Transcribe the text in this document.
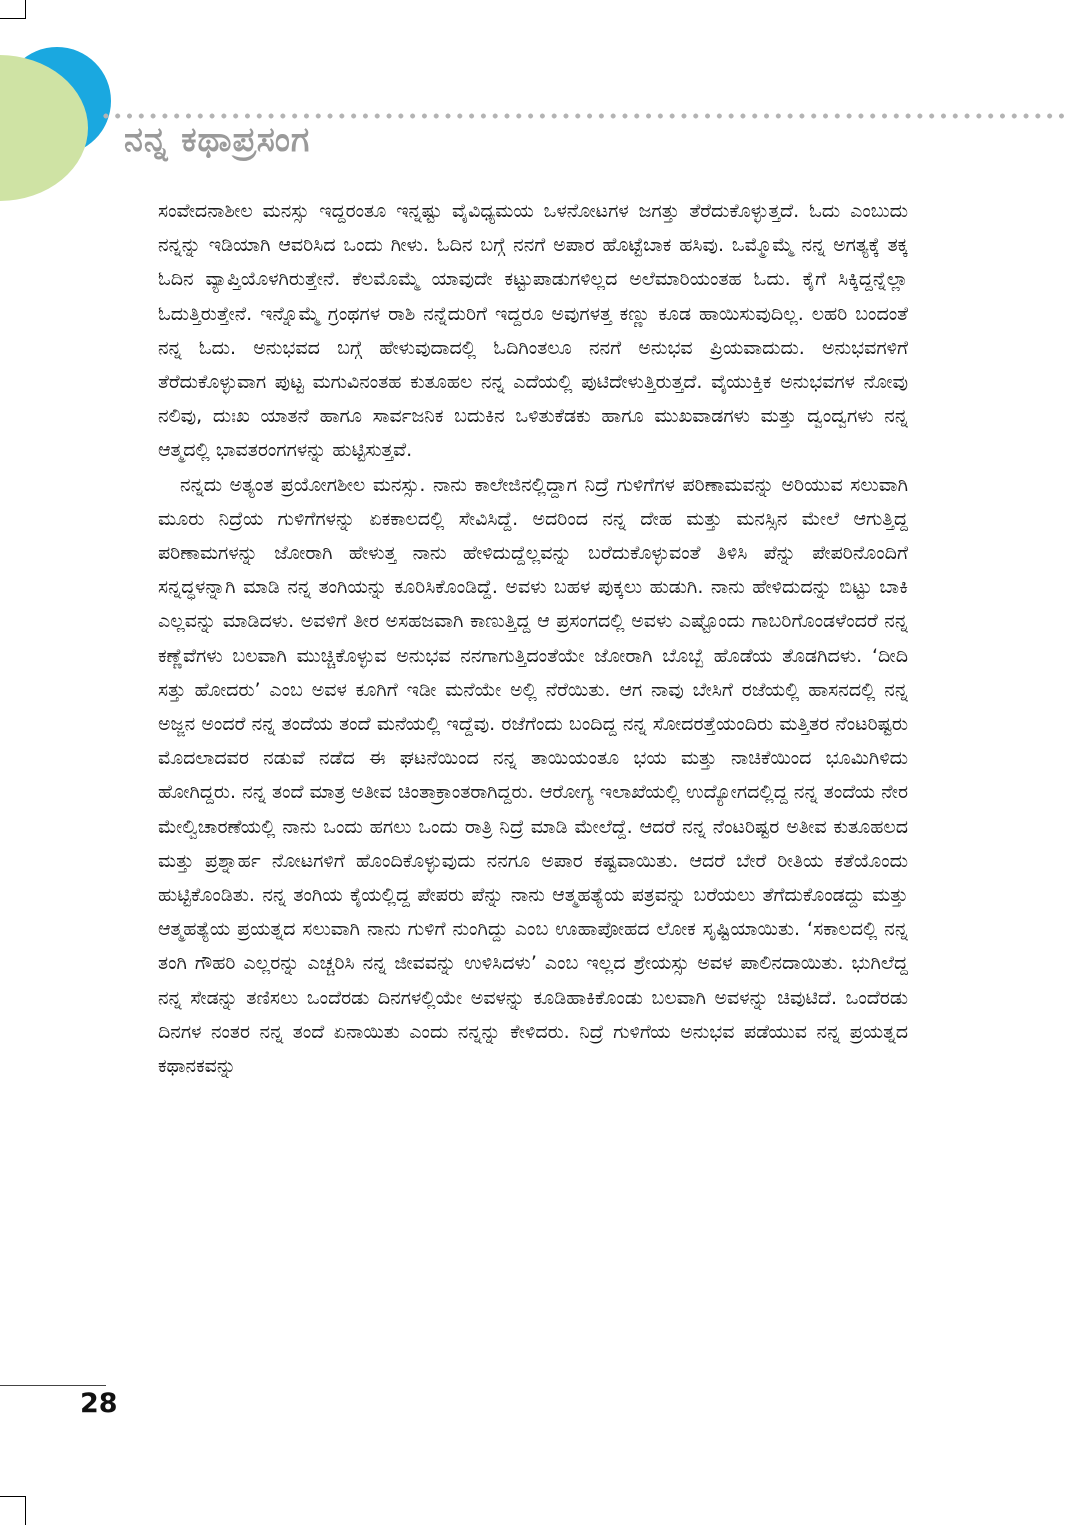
ನನ್ನ ಕಥಾಪ್ರಸಂಗ

ಸಂವೇದನಾಶೀಲ ಮನಸ್ಸು ಇದ್ದರಂತೂ ಇನ್ನಷ್ಟು ವೈವಿಧ್ಯಮಯ ಒಳನೋಟಗಳ ಜಗತ್ತು ತೆರೆದುಕೊಳ್ಳುತ್ತದೆ. ಓದು ಎಂಬುದು ನನ್ನನ್ನು ಇಡಿಯಾಗಿ ಆವರಿಸಿದ ಒಂದು ಗೀಳು. ಓದಿನ ಬಗ್ಗೆ ನನಗೆ ಅಪಾರ ಹೊಟ್ಟೆಬಾಕ ಹಸಿವು. ಒಮ್ಮೊಮ್ಮೆ ನನ್ನ ಅಗತ್ಯಕ್ಕೆ ತಕ್ಕ ಓದಿನ ವ್ಯಾಪ್ತಿಯೊಳಗಿರುತ್ತೇನೆ. ಕೆಲಮೊಮ್ಮೆ ಯಾವುದೇ ಕಟ್ಟುಪಾಡುಗಳಿಲ್ಲದ ಅಲೆಮಾರಿಯಂತಹ ಓದು. ಕೈಗೆ ಸಿಕ್ಕಿದ್ದನ್ನೆಲ್ಲಾ ಓದುತ್ತಿರುತ್ತೇನೆ. ಇನ್ನೊಮ್ಮೆ ಗ್ರಂಥಗಳ ರಾಶಿ ನನ್ನೆದುರಿಗೆ ಇದ್ದರೂ ಅವುಗಳತ್ತ ಕಣ್ಣು ಕೂಡ ಹಾಯಿಸುವುದಿಲ್ಲ. ಲಹರಿ ಬಂದಂತೆ ನನ್ನ ಓದು. ಅನುಭವದ ಬಗ್ಗೆ ಹೇಳುವುದಾದಲ್ಲಿ ಓದಿಗಿಂತಲೂ ನನಗೆ ಅನುಭವ ಪ್ರಿಯವಾದುದು. ಅನುಭವಗಳಿಗೆ ತೆರೆದುಕೊಳ್ಳುವಾಗ ಪುಟ್ಟ ಮಗುವಿನಂತಹ ಕುತೂಹಲ ನನ್ನ ಎದೆಯಲ್ಲಿ ಪುಟಿದೇಳುತ್ತಿರುತ್ತದೆ. ವೈಯುಕ್ತಿಕ ಅನುಭವಗಳ ನೋವು ನಲಿವು, ದುಃಖ ಯಾತನೆ ಹಾಗೂ ಸಾರ್ವಜನಿಕ ಬದುಕಿನ ಒಳಿತುಕೆಡಕು ಹಾಗೂ ಮುಖವಾಡಗಳು ಮತ್ತು ದ್ವಂದ್ವಗಳು ನನ್ನ ಆತ್ಮದಲ್ಲಿ ಭಾವತರಂಗಗಳನ್ನು ಹುಟ್ಟಿಸುತ್ತವೆ.

ನನ್ನದು ಅತ್ಯಂತ ಪ್ರಯೋಗಶೀಲ ಮನಸ್ಸು. ನಾನು ಕಾಲೇಜಿನಲ್ಲಿದ್ದಾಗ ನಿದ್ರೆ ಗುಳಿಗೆಗಳ ಪರಿಣಾಮವನ್ನು ಅರಿಯುವ ಸಲುವಾಗಿ ಮೂರು ನಿದ್ರೆಯ ಗುಳಿಗೆಗಳನ್ನು ಏಕಕಾಲದಲ್ಲಿ ಸೇವಿಸಿದ್ದೆ. ಅದರಿಂದ ನನ್ನ ದೇಹ ಮತ್ತು ಮನಸ್ಸಿನ ಮೇಲೆ ಆಗುತ್ತಿದ್ದ ಪರಿಣಾಮಗಳನ್ನು ಜೋರಾಗಿ ಹೇಳುತ್ತ ನಾನು ಹೇಳಿದುದ್ದೆಲ್ಲವನ್ನು ಬರೆದುಕೊಳ್ಳುವಂತೆ ತಿಳಿಸಿ ಪೆನ್ನು ಪೇಪರಿನೊಂದಿಗೆ ಸನ್ನದ್ಧಳನ್ನಾಗಿ ಮಾಡಿ ನನ್ನ ತಂಗಿಯನ್ನು ಕೂರಿಸಿಕೊಂಡಿದ್ದೆ. ಅವಳು ಬಹಳ ಪುಕ್ಕಲು ಹುಡುಗಿ. ನಾನು ಹೇಳಿದುದನ್ನು ಬಿಟ್ಟು ಬಾಕಿ ಎಲ್ಲವನ್ನು ಮಾಡಿದಳು. ಅವಳಿಗೆ ತೀರ ಅಸಹಜವಾಗಿ ಕಾಣುತ್ತಿದ್ದ ಆ ಪ್ರಸಂಗದಲ್ಲಿ ಅವಳು ಎಷ್ಟೊಂದು ಗಾಬರಿಗೊಂಡಳೆಂದರೆ ನನ್ನ ಕಣ್ಣೆವೆಗಳು ಬಲವಾಗಿ ಮುಚ್ಚಿಕೊಳ್ಳುವ ಅನುಭವ ನನಗಾಗುತ್ತಿದಂತೆಯೇ ಜೋರಾಗಿ ಬೊಬ್ಬೆ ಹೊಡೆಯ ತೊಡಗಿದಳು. ‘ದೀದಿ ಸತ್ತು ಹೋದರು’ ಎಂಬ ಅವಳ ಕೂಗಿಗೆ ಇಡೀ ಮನೆಯೇ ಅಲ್ಲಿ ನೆರೆಯಿತು. ಆಗ ನಾವು ಬೇಸಿಗೆ ರಜೆಯಲ್ಲಿ ಹಾಸನದಲ್ಲಿ ನನ್ನ ಅಜ್ಜನ ಅಂದರೆ ನನ್ನ ತಂದೆಯ ತಂದೆ ಮನೆಯಲ್ಲಿ ಇದ್ದೆವು. ರಜೆಗೆಂದು ಬಂದಿದ್ದ ನನ್ನ ಸೋದರತ್ತೆಯಂದಿರು ಮತ್ತಿತರ ನೆಂಟರಿಷ್ಟರು ಮೊದಲಾದವರ ನಡುವೆ ನಡೆದ ಈ ಘಟನೆಯಿಂದ ನನ್ನ ತಾಯಿಯಂತೂ ಭಯ ಮತ್ತು ನಾಚಿಕೆಯಿಂದ ಭೂಮಿಗಿಳಿದು ಹೋಗಿದ್ದರು. ನನ್ನ ತಂದೆ ಮಾತ್ರ ಅತೀವ ಚಿಂತಾಕ್ರಾಂತರಾಗಿದ್ದರು. ಆರೋಗ್ಯ ಇಲಾಖೆಯಲ್ಲಿ ಉದ್ಯೋಗದಲ್ಲಿದ್ದ ನನ್ನ ತಂದೆಯ ನೇರ ಮೇಲ್ವಿಚಾರಣೆಯಲ್ಲಿ ನಾನು ಒಂದು ಹಗಲು ಒಂದು ರಾತ್ರಿ ನಿದ್ರೆ ಮಾಡಿ ಮೇಲೆದ್ದೆ. ಆದರೆ ನನ್ನ ನೆಂಟರಿಷ್ಟರ ಅತೀವ ಕುತೂಹಲದ ಮತ್ತು ಪ್ರಶ್ನಾರ್ಹ ನೋಟಗಳಿಗೆ ಹೊಂದಿಕೊಳ್ಳುವುದು ನನಗೂ ಅಪಾರ ಕಷ್ಟವಾಯಿತು. ಆದರೆ ಬೇರೆ ರೀತಿಯ ಕತೆಯೊಂದು ಹುಟ್ಟಿಕೊಂಡಿತು. ನನ್ನ ತಂಗಿಯ ಕೈಯಲ್ಲಿದ್ದ ಪೇಪರು ಪೆನ್ನು ನಾನು ಆತ್ಮಹತ್ಯೆಯ ಪತ್ರವನ್ನು ಬರೆಯಲು ತೆಗೆದುಕೊಂಡದ್ದು ಮತ್ತು ಆತ್ಮಹತ್ಯೆಯ ಪ್ರಯತ್ನದ ಸಲುವಾಗಿ ನಾನು ಗುಳಿಗೆ ನುಂಗಿದ್ದು ಎಂಬ ಊಹಾಪೋಹದ ಲೋಕ ಸೃಷ್ಟಿಯಾಯಿತು. ‘ಸಕಾಲದಲ್ಲಿ ನನ್ನ ತಂಗಿ ಗೌಹರಿ ಎಲ್ಲರನ್ನು ಎಚ್ಚರಿಸಿ ನನ್ನ ಜೀವವನ್ನು ಉಳಿಸಿದಳು’ ಎಂಬ ಇಲ್ಲದ ಶ್ರೇಯಸ್ಸು ಅವಳ ಪಾಲಿನದಾಯಿತು. ಭುಗಿಲೆದ್ದ ನನ್ನ ಸೇಡನ್ನು ತಣಿಸಲು ಒಂದೆರಡು ದಿನಗಳಲ್ಲಿಯೇ ಅವಳನ್ನು ಕೂಡಿಹಾಕಿಕೊಂಡು ಬಲವಾಗಿ ಅವಳನ್ನು ಚಿವುಟಿದೆ. ಒಂದೆರಡು ದಿನಗಳ ನಂತರ ನನ್ನ ತಂದೆ ಏನಾಯಿತು ಎಂದು ನನ್ನನ್ನು ಕೇಳಿದರು. ನಿದ್ರೆ ಗುಳಿಗೆಯ ಅನುಭವ ಪಡೆಯುವ ನನ್ನ ಪ್ರಯತ್ನದ ಕಥಾನಕವನ್ನು

28
